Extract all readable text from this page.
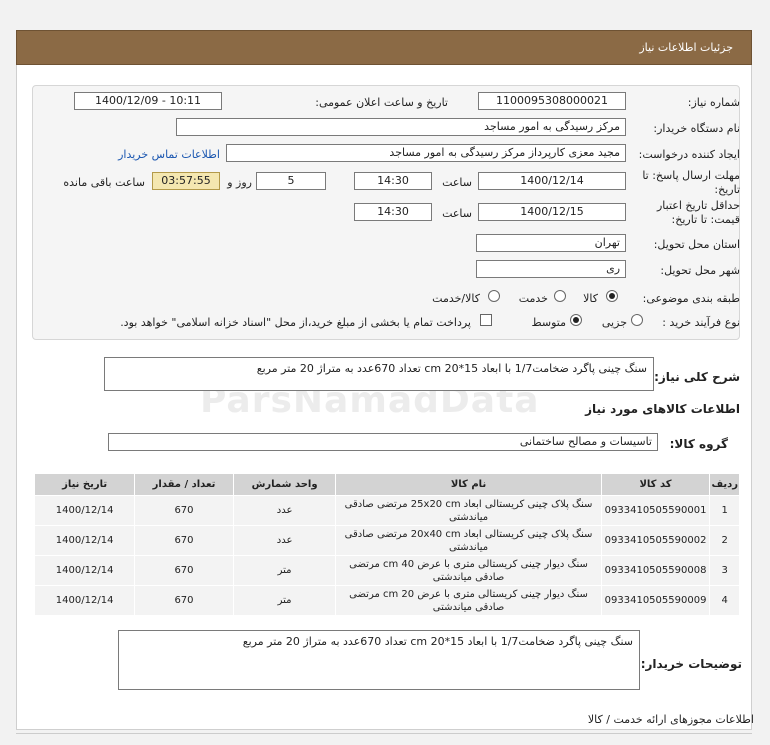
جزئیات اطلاعات نیاز
شماره نیاز:
1100095308000021
تاریخ و ساعت اعلان عمومی:
1400/12/09 - 10:11
نام دستگاه خریدار:
مرکز رسیدگی به امور مساجد
ایجاد کننده درخواست:
مجید معزی کارپرداز مرکز رسیدگی به امور مساجد
اطلاعات تماس خریدار
مهلت ارسال پاسخ: تا
تاریخ:
1400/12/14
ساعت
14:30
5
روز و
03:57:55
ساعت باقی مانده
حداقل تاریخ اعتبار
قیمت: تا تاریخ:
1400/12/15
ساعت
14:30
استان محل تحویل:
تهران
شهر محل تحویل:
ری
طبقه بندی موضوعی:
کالا
خدمت
کالا/خدمت
نوع فرآیند خرید :
جزیی
متوسط
پرداخت تمام یا بخشی از مبلغ خرید،از محل "اسناد خزانه اسلامی" خواهد بود.
شرح کلی نیاز:
سنگ چینی پاگرد ضخامت1/7 با ابعاد 15*20 cm تعداد 670عدد به متراژ 20 متر مربع
اطلاعات کالاهای مورد نیاز
گروه کالا:
تاسیسات و مصالح ساختمانی
ردیف	کد کالا	نام کالا	واحد شمارش	تعداد / مقدار	تاریخ نیاز
1	0933410505590001	سنگ پلاک چینی کریستالی ابعاد 25x20 cm مرتضی صادقی میاندشتی	عدد	670	1400/12/14
2	0933410505590002	سنگ پلاک چینی کریستالی ابعاد 20x40 cm مرتضی صادقی میاندشتی	عدد	670	1400/12/14
3	0933410505590008	سنگ دیوار چینی کریستالی متری با عرض cm 40 مرتضی صادقی میاندشتی	متر	670	1400/12/14
4	0933410505590009	سنگ دیوار چینی کریستالی متری با عرض cm 20 مرتضی صادقی میاندشتی	متر	670	1400/12/14
توضیحات خریدار:
سنگ چینی پاگرد ضخامت1/7 با ابعاد 15*20 cm تعداد 670عدد به متراژ 20 متر مربع
اطلاعات مجوزهای ارائه خدمت / کالا
